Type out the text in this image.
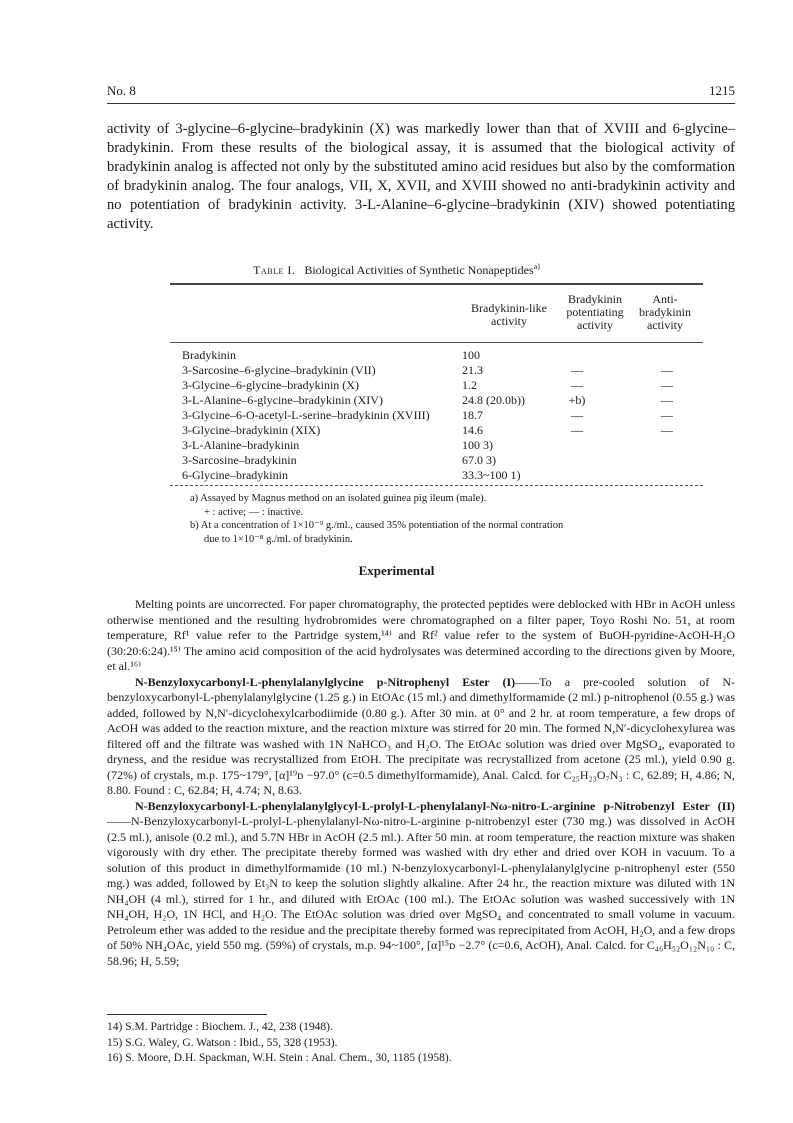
No. 8	1215
activity of 3-glycine–6-glycine–bradykinin (X) was markedly lower than that of XVIII and 6-glycine–bradykinin. From these results of the biological assay, it is assumed that the biological activity of bradykinin analog is affected not only by the substituted amino acid residues but also by the comformation of bradykinin analog. The four analogs, VII, X, XVII, and XVIII showed no anti-bradykinin activity and no potentiation of bradykinin activity. 3-L-Alanine–6-glycine–bradykinin (XIV) showed potentiating activity.
Table I. Biological Activities of Synthetic Nonapeptides$^{a)}$
Bradykinin-like
activity
Bradykinin
potentiating
activity
Anti-
bradykinin
activity
Bradykinin	100
3-Sarcosine–6-glycine–bradykinin (VII)	21.3	—	—
3-Glycine–6-glycine–bradykinin (X)	1.2	—	—
3-L-Alanine–6-glycine–bradykinin (XIV)	24.8 (20.0b))	+b)	—
3-Glycine–6-O-acetyl-L-serine–bradykinin (XVIII)	18.7	—	—
3-Glycine–bradykinin (XIX)	14.6	—	—
3-L-Alanine–bradykinin	100 3)
3-Sarcosine–bradykinin	67.0 3)
6-Glycine–bradykinin	33.3~100 1)
a) Assayed by Magnus method on an isolated guinea pig ileum (male).
+ : active; — : inactive.
b) At a concentration of 1×10⁻⁹ g./ml., caused 35% potentiation of the normal contration
due to 1×10⁻⁸ g./ml. of bradykinin.
Experimental

Melting points are uncorrected. For paper chromatography, the protected peptides were deblocked with HBr in AcOH unless otherwise mentioned and the resulting hydrobromides were chromatographed on a filter paper, Toyo Roshi No. 51, at room temperature, Rf¹ value refer to the Partridge system,¹⁴⁾ and Rf² value refer to the system of BuOH-pyridine-AcOH-H₂O (30:20:6:24).¹⁵⁾ The amino acid composition of the acid hydrolysates was determined according to the directions given by Moore, et al.¹⁶⁾

N-Benzyloxycarbonyl-L-phenylalanylglycine p-Nitrophenyl Ester (I)——To a pre-cooled solution of N-benzyloxycarbonyl-L-phenylalanylglycine (1.25 g.) in EtOAc (15 ml.) and dimethylformamide (2 ml.) p-nitrophenol (0.55 g.) was added, followed by N,N′-dicyclohexylcarbodiimide (0.80 g.). After 30 min. at 0° and 2 hr. at room temperature, a few drops of AcOH was added to the reaction mixture, and the reaction mixture was stirred for 20 min. The formed N,N′-dicyclohexylurea was filtered off and the filtrate was washed with 1N NaHCO₃ and H₂O. The EtOAc solution was dried over MgSO₄, evaporated to dryness, and the residue was recrystallized from EtOH. The precipitate was recrystallized from acetone (25 ml.), yield 0.90 g. (72%) of crystals, m.p. 175~179°, [α]¹⁹ᴅ −97.0° (c=0.5 dimethylformamide), Anal. Calcd. for C₂₅H₂₃O₇N₃ : C, 62.89; H, 4.86; N, 8.80. Found : C, 62.84; H, 4.74; N, 8.63.

N-Benzyloxycarbonyl-L-phenylalanylglycyl-L-prolyl-L-phenylalanyl-Nω-nitro-L-arginine p-Nitrobenzyl Ester (II)——N-Benzyloxycarbonyl-L-prolyl-L-phenylalanyl-Nω-nitro-L-arginine p-nitrobenzyl ester (730 mg.) was dissolved in AcOH (2.5 ml.), anisole (0.2 ml.), and 5.7N HBr in AcOH (2.5 ml.). After 50 min. at room temperature, the reaction mixture was shaken vigorously with dry ether. The precipitate thereby formed was washed with dry ether and dried over KOH in vacuum. To a solution of this product in dimethylformamide (10 ml.) N-benzyloxycarbonyl-L-phenylalanylglycine p-nitrophenyl ester (550 mg.) was added, followed by Et₃N to keep the solution slightly alkaline. After 24 hr., the reaction mixture was diluted with 1N NH₄OH (4 ml.), stirred for 1 hr., and diluted with EtOAc (100 ml.). The EtOAc solution was washed successively with 1N NH₄OH, H₂O, 1N HCl, and H₂O. The EtOAc solution was dried over MgSO₄ and concentrated to small volume in vacuum. Petroleum ether was added to the residue and the precipitate thereby formed was reprecipitated from AcOH, H₂O, and a few drops of 50% NH₄OAc, yield 550 mg. (59%) of crystals, m.p. 94~100°, [α]¹⁵ᴅ −2.7° (c=0.6, AcOH), Anal. Calcd. for C₄₆H₅₂O₁₂N₁₀ : C, 58.96; H, 5.59;

14) S.M. Partridge : Biochem. J., 42, 238 (1948).
15) S.G. Waley, G. Watson : Ibid., 55, 328 (1953).
16) S. Moore, D.H. Spackman, W.H. Stein : Anal. Chem., 30, 1185 (1958).
